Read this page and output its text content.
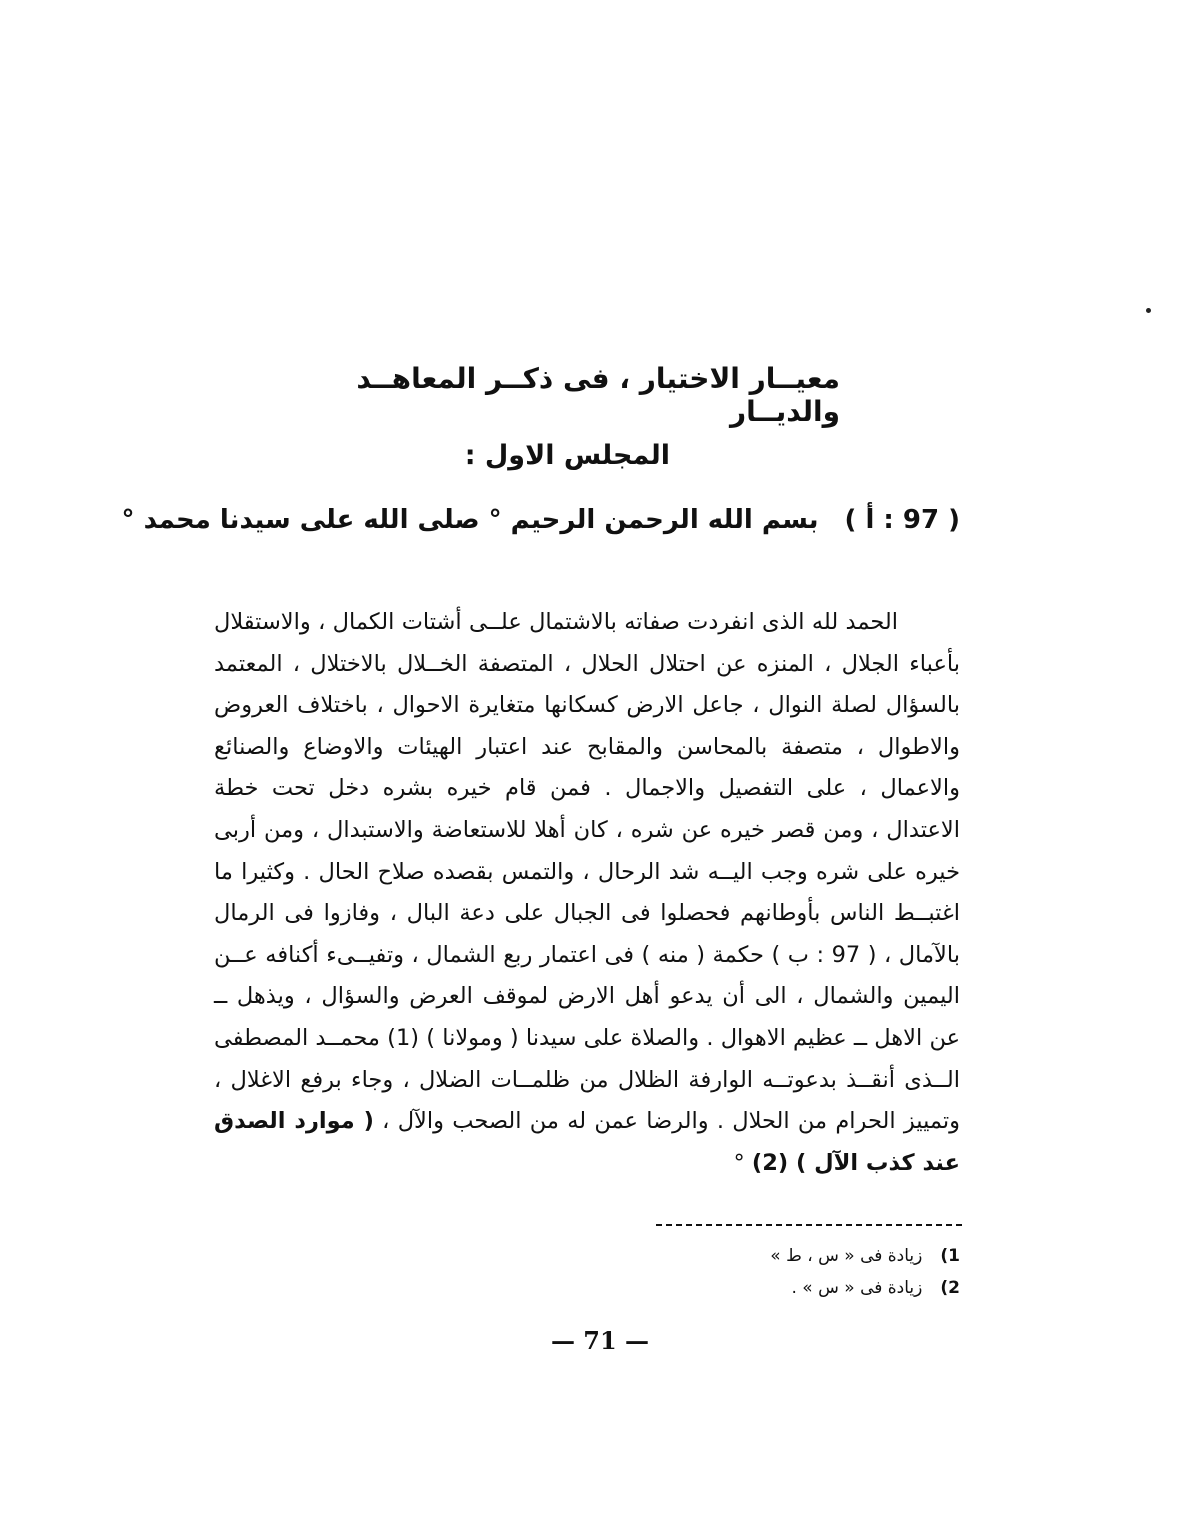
معيــار الاختيار ، فى ذكــر المعاهــد والديــار
المجلس الاول :
( 97 : أ )بسم الله الرحمن الرحيم ° صلى الله على سيدنا محمد °

الحمد لله الذى انفردت صفاته بالاشتمال علــى أشتات الكمال ، والاستقلال بأعباء الجلال ، المنزه عن احتلال الحلال ، المتصفة الخــلال بالاختلال ، المعتمد بالسؤال لصلة النوال ، جاعل الارض كسكانها متغايرة الاحوال ، باختلاف العروض والاطوال ، متصفة بالمحاسن والمقابح عند اعتبار الهيئات والاوضاع والصنائع والاعمال ، على التفصيل والاجمال . فمن قام خيره بشره دخل تحت خطة الاعتدال ، ومن قصر خيره عن شره ، كان أهلا للاستعاضة والاستبدال ، ومن أربى خيره على شره وجب اليــه شد الرحال ، والتمس بقصده صلاح الحال . وكثيرا ما اغتبــط الناس بأوطانهم فحصلوا فى الجبال على دعة البال ، وفازوا فى الرمال بالآمال ، ( 97 : ب ) حكمة ( منه ) فى اعتمار ربع الشمال ، وتفيــىء أكنافه عــن اليمين والشمال ، الى أن يدعو أهل الارض لموقف العرض والسؤال ، ويذهل ــ عن الاهل ــ عظيم الاهوال . والصلاة على سيدنا ( ومولانا ) (1) محمــد المصطفى الــذى أنقــذ بدعوتــه الوارفة الظلال من ظلمــات الضلال ، وجاء برفع الاغلال ، وتمييز الحرام من الحلال . والرضا عمن له من الصحب والآل ، ( موارد الصدق عند كذب الآل ) (2) °

1)زيادة فى « س ، ط »
2)زيادة فى « س » .
— 71 —
